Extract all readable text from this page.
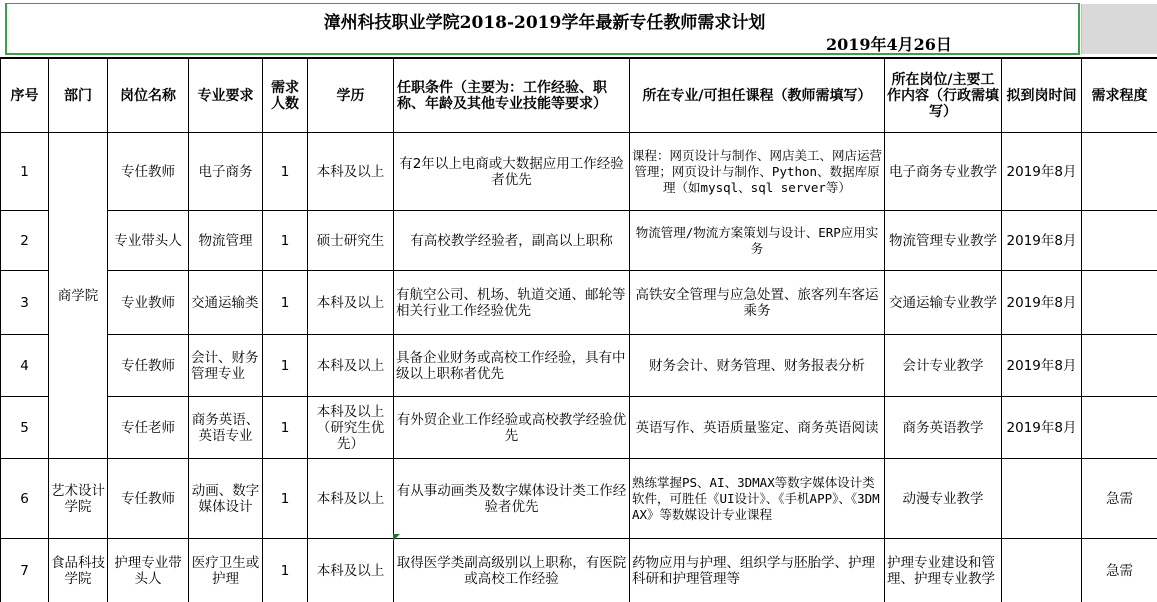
漳州科技职业学院2018-2019学年最新专任教师需求计划
2019年4月26日
序号	部门	岗位名称	专业要求	需求人数	学历	任职条件（主要为：工作经验、职称、年龄及其他专业技能等要求）	所在专业/可担任课程（教师需填写）	所在岗位/主要工作内容（行政需填写）	拟到岗时间	需求程度
1	商学院	专任教师	电子商务	1	本科及以上	有2年以上电商或大数据应用工作经验者优先	课程：网页设计与制作、网店美工、网店运营管理；网页设计与制作、Python、数据库原理（如mysql、sql server等）	电子商务专业教学	2019年8月	
2		专业带头人	物流管理	1	硕士研究生	有高校教学经验者，副高以上职称	物流管理/物流方案策划与设计、ERP应用实务	物流管理专业教学	2019年8月	
3		专业教师	交通运输类	1	本科及以上	有航空公司、机场、轨道交通、邮轮等相关行业工作经验优先	高铁安全管理与应急处置、旅客列车客运乘务	交通运输专业教学	2019年8月	
4		专任教师	会计、财务管理专业	1	本科及以上	具备企业财务或高校工作经验，具有中级以上职称者优先	财务会计、财务管理、财务报表分析	会计专业教学	2019年8月	
5		专任老师	商务英语、英语专业	1	本科及以上（研究生优先）	有外贸企业工作经验或高校教学经验优先	英语写作、英语质量鉴定、商务英语阅读	商务英语教学	2019年8月	
6	艺术设计学院	专任教师	动画、数字媒体设计	1	本科及以上	有从事动画类及数字媒体设计类工作经验者优先	熟练掌握PS、AI、3DMAX等数字媒体设计类软件，可胜任《UI设计》、《手机APP》、《3DMAX》等数媒设计专业课程	动漫专业教学		急需
7	食品科技学院	护理专业带头人	医疗卫生或护理	1	本科及以上	取得医学类副高级别以上职称，有医院或高校工作经验	药物应用与护理、组织学与胚胎学、护理科研和护理管理等	护理专业建设和管理、护理专业教学		急需
